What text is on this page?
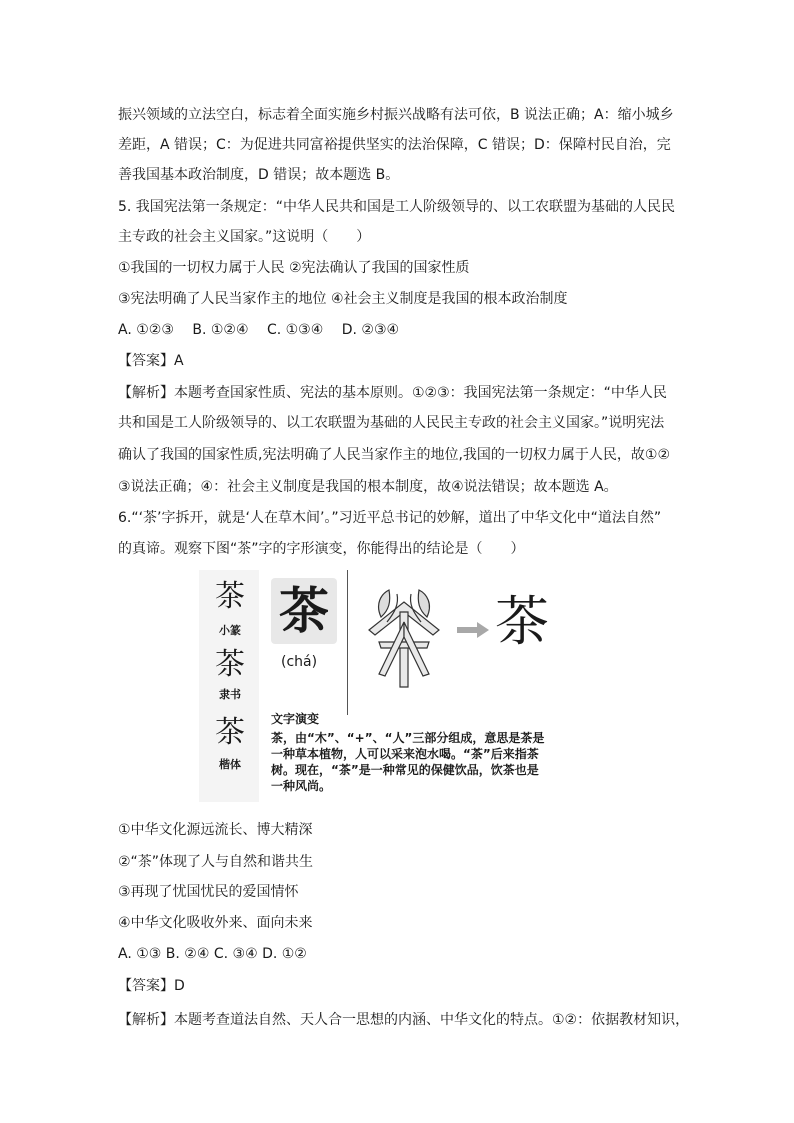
振兴领域的立法空白，标志着全面实施乡村振兴战略有法可依，B 说法正确；A：缩小城乡
差距，A 错误；C：为促进共同富裕提供坚实的法治保障，C 错误；D：保障村民自治，完
善我国基本政治制度，D 错误；故本题选 B。
5. 我国宪法第一条规定：“中华人民共和国是工人阶级领导的、以工农联盟为基础的人民民
主专政的社会主义国家。”这说明（　　）
①我国的一切权力属于人民 ②宪法确认了我国的国家性质
③宪法明确了人民当家作主的地位 ④社会主义制度是我国的根本政治制度
A. ①②③　 B. ①②④　 C. ①③④　 D. ②③④
【答案】A
【解析】本题考查国家性质、宪法的基本原则。①②③：我国宪法第一条规定：“中华人民
共和国是工人阶级领导的、以工农联盟为基础的人民民主专政的社会主义国家。”说明宪法
确认了我国的国家性质,宪法明确了人民当家作主的地位,我国的一切权力属于人民，故①②
③说法正确；④：社会主义制度是我国的根本制度，故④说法错误；故本题选 A。
6.“‘茶’字拆开，就是‘人在草木间’。”习近平总书记的妙解，道出了中华文化中“道法自然”
的真谛。观察下图“茶”字的字形演变，你能得出的结论是（　　）
茶
小篆
茶
隶书
茶
楷体
茶
(chá)
茶
文字演变
茶，由“木”、“+”、“人”三部分组成，意思是茶是
一种草本植物，人可以采来泡水喝。“茶”后来指茶
树。现在，“茶”是一种常见的保健饮品，饮茶也是
一种风尚。
①中华文化源远流长、博大精深
②“茶”体现了人与自然和谐共生
③再现了忧国忧民的爱国情怀
④中华文化吸收外来、面向未来
A. ①③ B. ②④ C. ③④ D. ①②
【答案】D
【解析】本题考查道法自然、天人合一思想的内涵、中华文化的特点。①②：依据教材知识，
